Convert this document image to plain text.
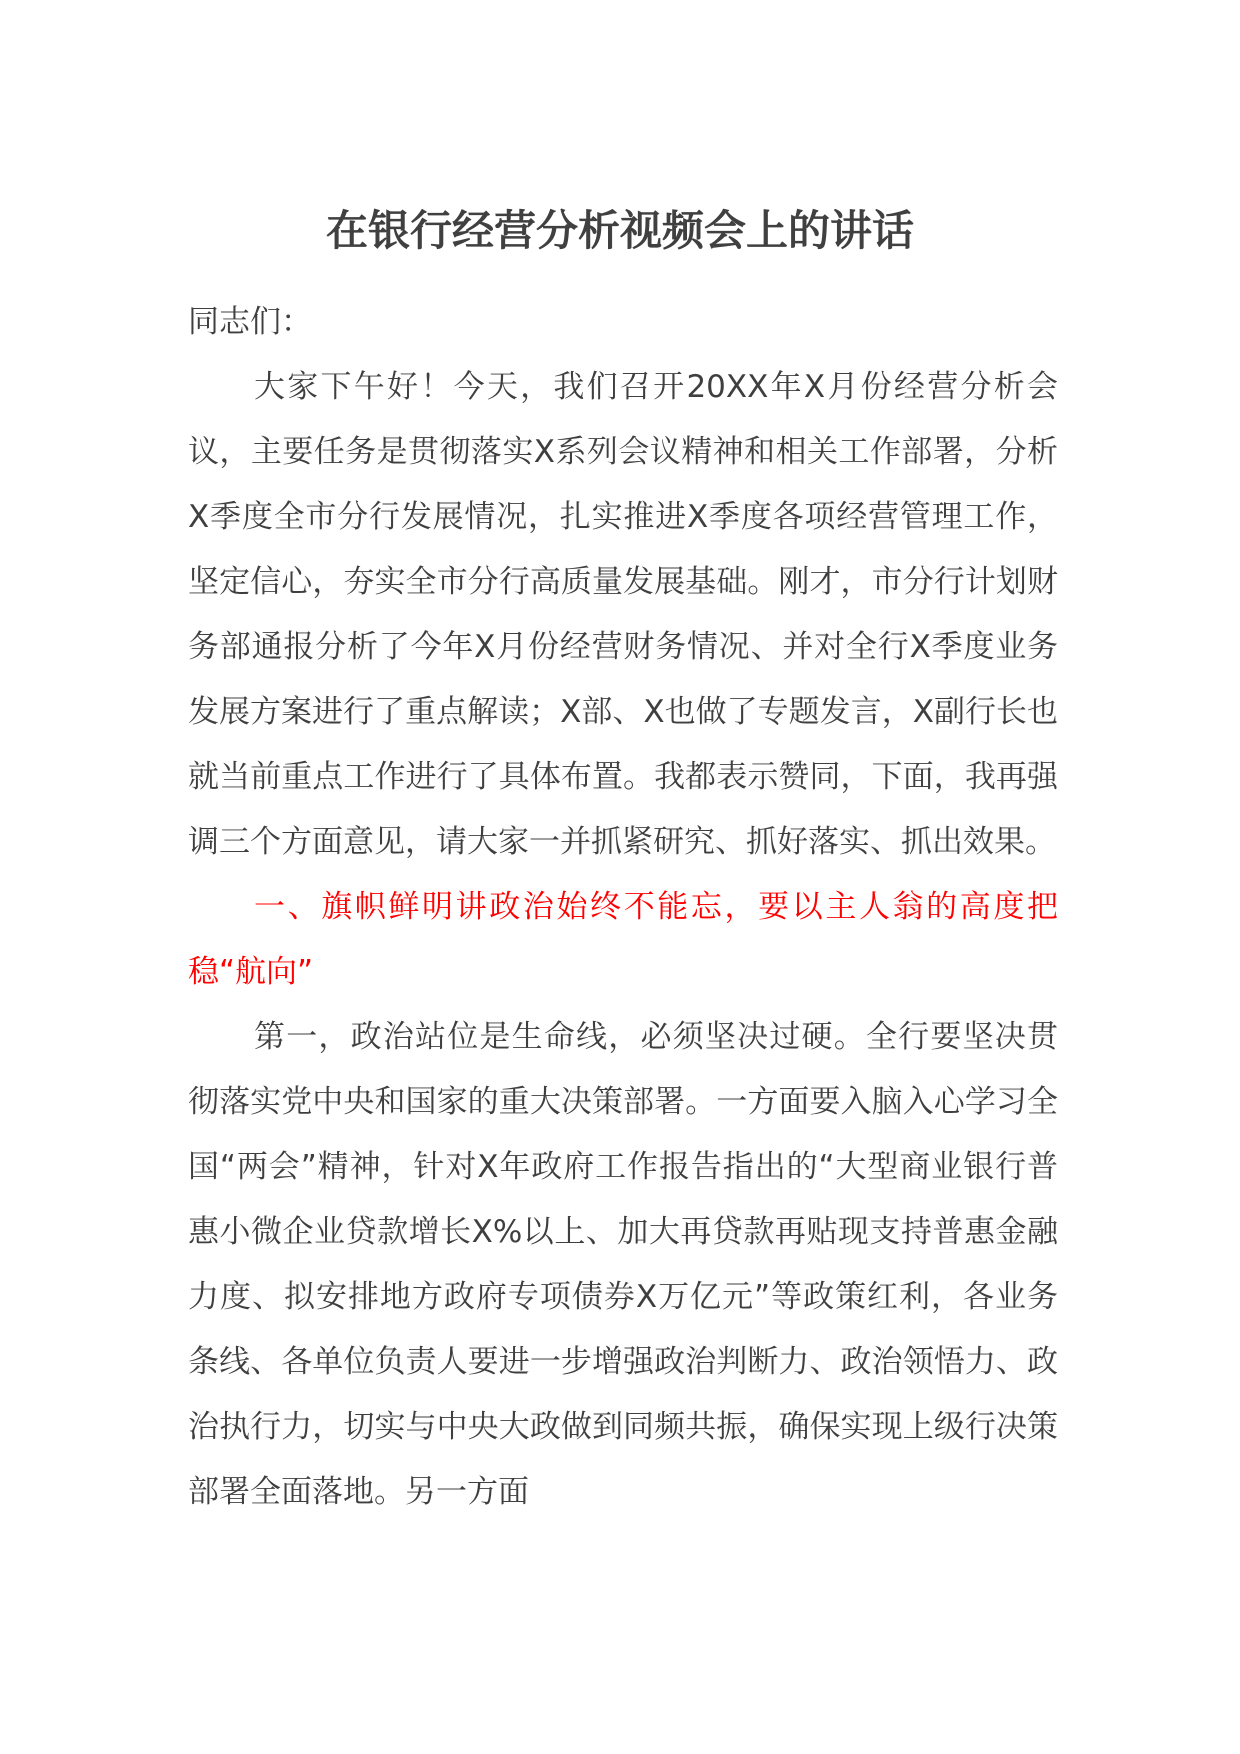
在银行经营分析视频会上的讲话

同志们：

大家下午好！今天，我们召开20XX年X月份经营分析会议，主要任务是贯彻落实X系列会议精神和相关工作部署，分析X季度全市分行发展情况，扎实推进X季度各项经营管理工作，坚定信心，夯实全市分行高质量发展基础。刚才，市分行计划财务部通报分析了今年X月份经营财务情况、并对全行X季度业务发展方案进行了重点解读；X部、X也做了专题发言，X副行长也就当前重点工作进行了具体布置。我都表示赞同，下面，我再强调三个方面意见，请大家一并抓紧研究、抓好落实、抓出效果。

一、旗帜鲜明讲政治始终不能忘，要以主人翁的高度把稳“航向”

第一，政治站位是生命线，必须坚决过硬。全行要坚决贯彻落实党中央和国家的重大决策部署。一方面要入脑入心学习全国“两会”精神，针对X年政府工作报告指出的“大型商业银行普惠小微企业贷款增长X%以上、加大再贷款再贴现支持普惠金融力度、拟安排地方政府专项债券X万亿元”等政策红利，各业务条线、各单位负责人要进一步增强政治判断力、政治领悟力、政治执行力，切实与中央大政做到同频共振，确保实现上级行决策部署全面落地。另一方面
